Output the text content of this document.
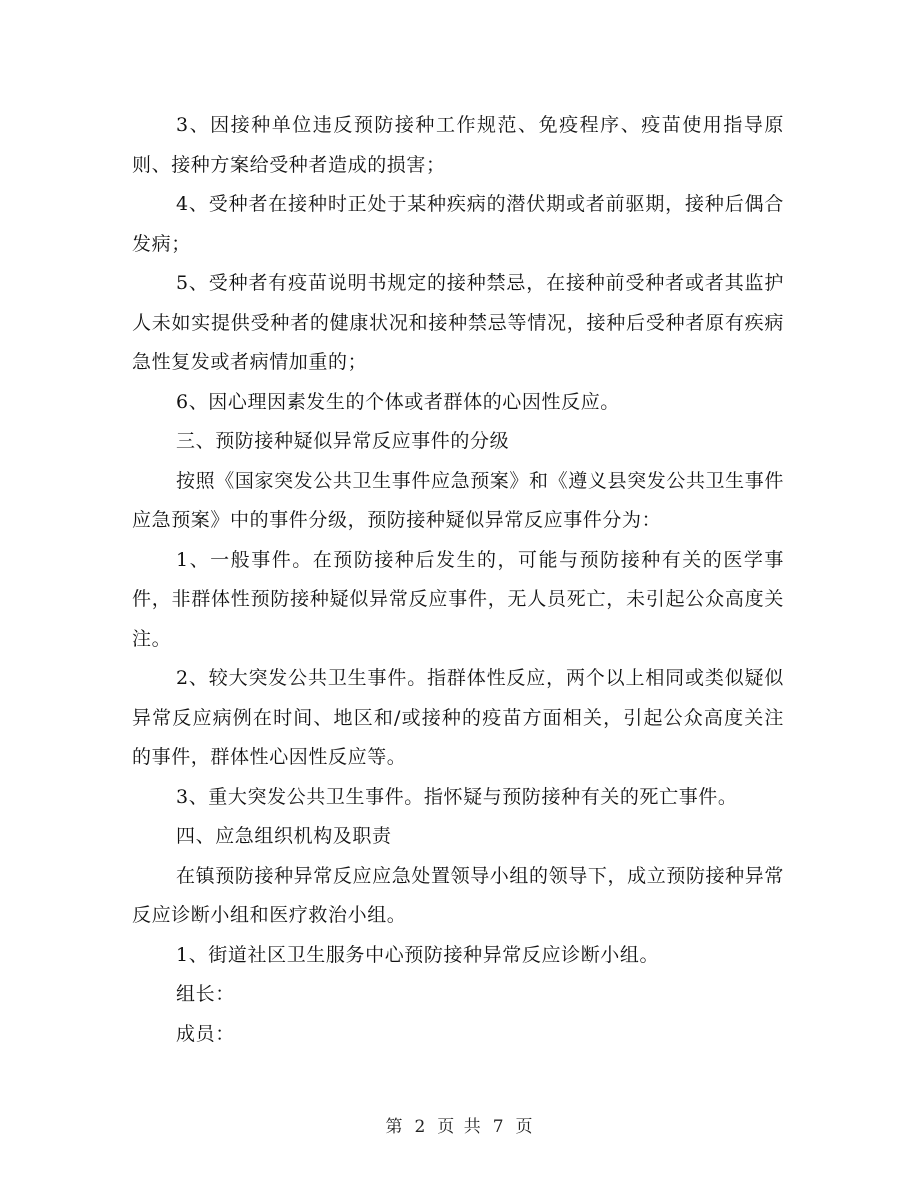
3、因接种单位违反预防接种工作规范、免疫程序、疫苗使用指导原则、接种方案给受种者造成的损害；

4、受种者在接种时正处于某种疾病的潜伏期或者前驱期，接种后偶合发病；

5、受种者有疫苗说明书规定的接种禁忌，在接种前受种者或者其监护人未如实提供受种者的健康状况和接种禁忌等情况，接种后受种者原有疾病急性复发或者病情加重的；

6、因心理因素发生的个体或者群体的心因性反应。

三、预防接种疑似异常反应事件的分级

按照《国家突发公共卫生事件应急预案》和《遵义县突发公共卫生事件应急预案》中的事件分级，预防接种疑似异常反应事件分为：

1、一般事件。在预防接种后发生的，可能与预防接种有关的医学事件，非群体性预防接种疑似异常反应事件，无人员死亡，未引起公众高度关注。

2、较大突发公共卫生事件。指群体性反应，两个以上相同或类似疑似异常反应病例在时间、地区和/或接种的疫苗方面相关，引起公众高度关注的事件，群体性心因性反应等。

3、重大突发公共卫生事件。指怀疑与预防接种有关的死亡事件。

四、应急组织机构及职责

在镇预防接种异常反应应急处置领导小组的领导下，成立预防接种异常反应诊断小组和医疗救治小组。

1、街道社区卫生服务中心预防接种异常反应诊断小组。

组长：

成员：

第 2 页 共 7 页
